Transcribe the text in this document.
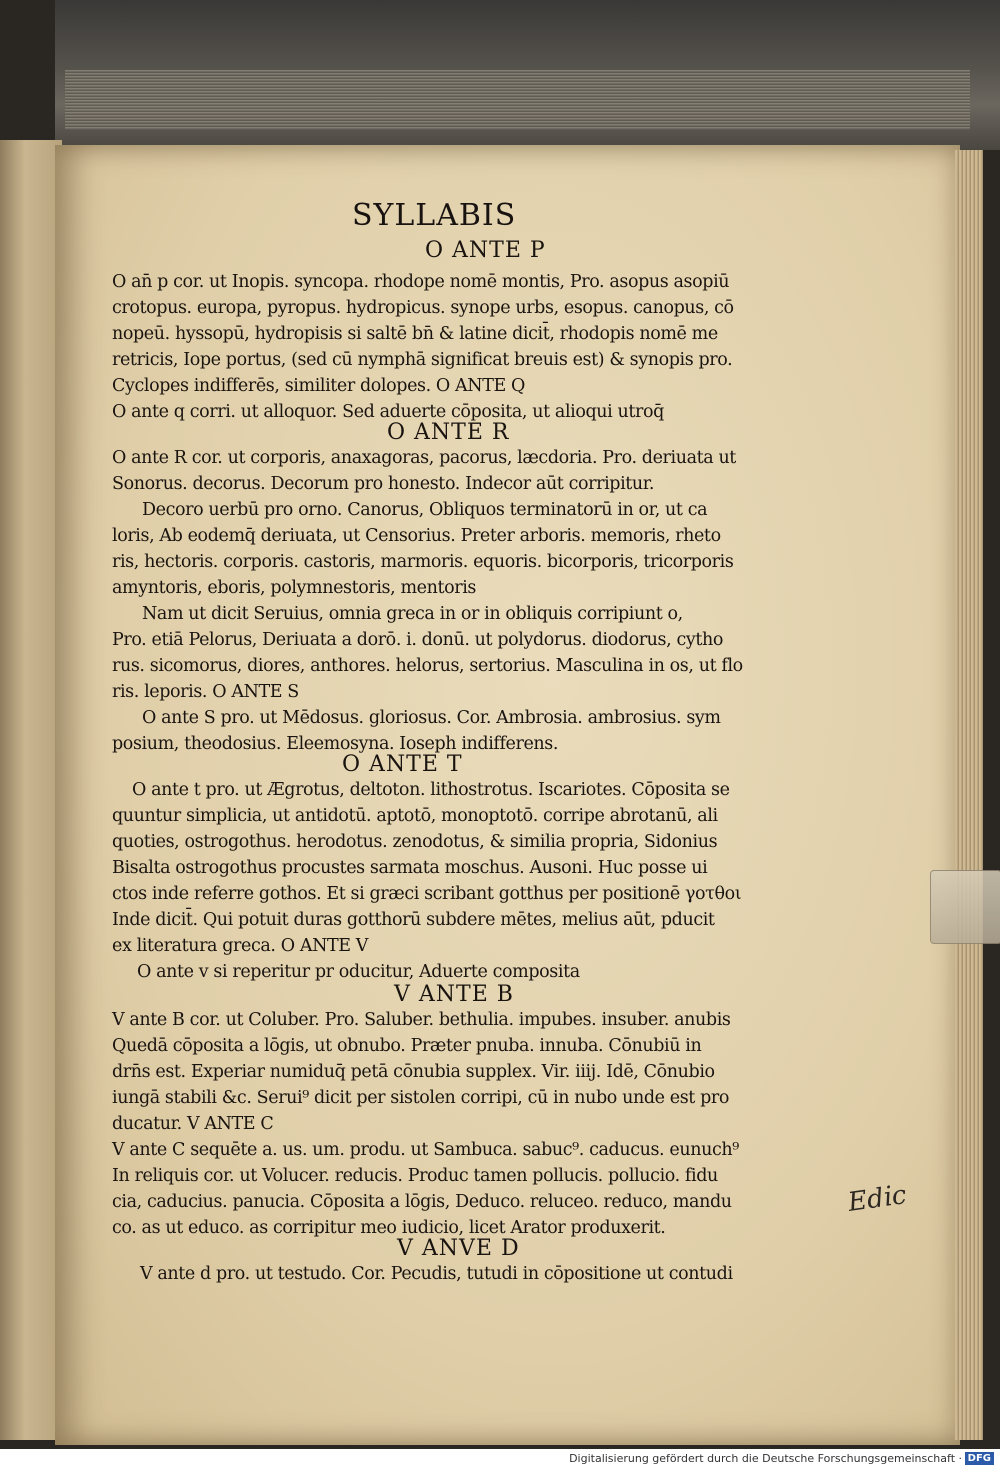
SYLLABIS
O ANTE P
O an̄ p cor. ut Inopis. syncopa. rhodope nomē montis, Pro. asopus asopiū
crotopus. europa, pyropus. hydropicus. synope urbs, esopus. canopus, cō
nopeū. hyssopū, hydropisis si saltē bn̄ & latine dicit̄, rhodopis nomē me
retricis, Iope portus, (sed cū nymphā significat breuis est) & synopis pro.
Cyclopes indifferēs, similiter dolopes. O ANTE Q
O ante q corri. ut alloquor. Sed aduerte cōposita, ut alioqui utroq̄
O ANTE R
O ante R cor. ut corporis, anaxagoras, pacorus, læcdoria. Pro. deriuata ut
Sonorus. decorus. Decorum pro honesto. Indecor aūt corripitur.
Decoro uerbū pro orno. Canorus, Obliquos terminatorū in or, ut ca
loris, Ab eodemq̄ deriuata, ut Censorius. Preter arboris. memoris, rheto
ris, hectoris. corporis. castoris, marmoris. equoris. bicorporis, tricorporis
amyntoris, eboris, polymnestoris, mentoris
Nam ut dicit Seruius, omnia greca in or in obliquis corripiunt o,
Pro. etiā Pelorus, Deriuata a dorō. i. donū. ut polydorus. diodorus, cytho
rus. sicomorus, diores, anthores. helorus, sertorius. Masculina in os, ut flo
ris. leporis. O ANTE S
O ante S pro. ut Mēdosus. gloriosus. Cor. Ambrosia. ambrosius. sym
posium, theodosius. Eleemosyna. Ioseph indifferens.
O ANTE T
O ante t pro. ut Ægrotus, deltoton. lithostrotus. Iscariotes. Cōposita se
quuntur simplicia, ut antidotū. aptotō, monoptotō. corripe abrotanū, ali
quoties, ostrogothus. herodotus. zenodotus, & similia propria, Sidonius
Bisalta ostrogothus procustes sarmata moschus. Ausoni. Huc posse ui
ctos inde referre gothos. Et si græci scribant gotthus per positionē γοτθοι
Inde dicit̄. Qui potuit duras gotthorū subdere mētes, melius aūt, pducit
ex literatura greca. O ANTE V
O ante v si reperitur pr oducitur, Aduerte composita
V ANTE B
V ante B cor. ut Coluber. Pro. Saluber. bethulia. impubes. insuber. anubis
Quedā cōposita a lōgis, ut obnubo. Præter pnuba. innuba. Cōnubiū in
drn̄s est. Experiar numiduq̄ petā cōnubia supplex. Vir. iiij. Idē, Cōnubio
iungā stabili &c. Serui⁹ dicit per sistolen corripi, cū in nubo unde est pro
ducatur. V ANTE C
V ante C sequēte a. us. um. produ. ut Sambuca. sabuc⁹. caducus. eunuch⁹
In reliquis cor. ut Volucer. reducis. Produc tamen pollucis. pollucio. fidu
cia, caducius. panucia. Cōposita a lōgis, Deduco. reluceo. reduco, mandu
co. as ut educo. as corripitur meo iudicio, licet Arator produxerit.
V ANVE D
V ante d pro. ut testudo. Cor. Pecudis, tutudi in cōpositione ut contudi
Edi̇c
Digitalisierung gefördert durch die Deutsche Forschungsgemeinschaft · DFG
